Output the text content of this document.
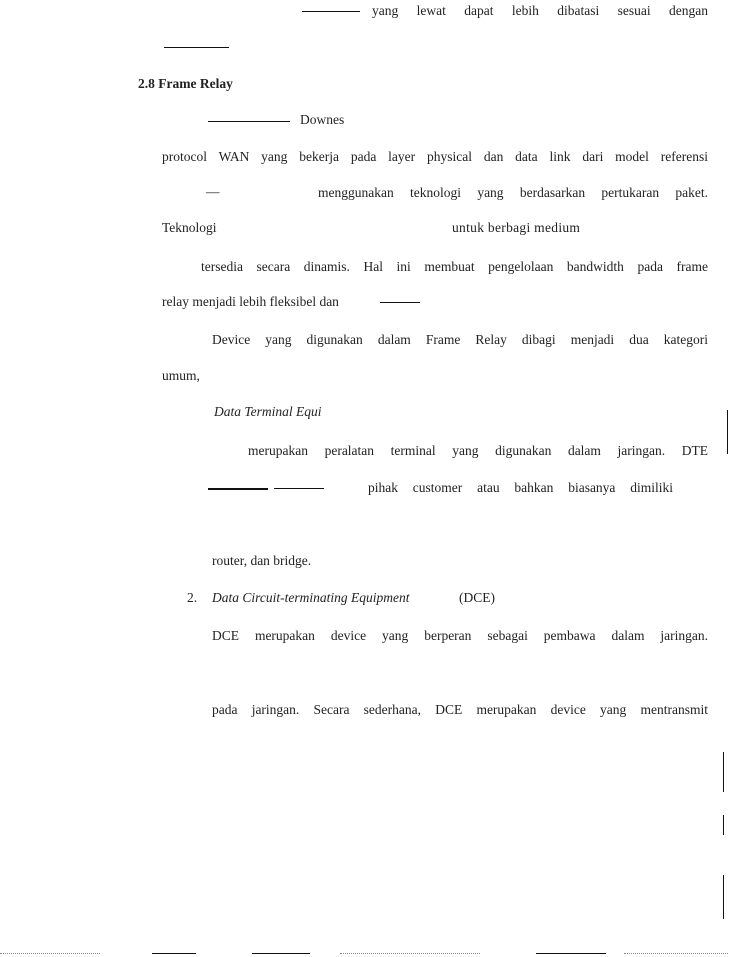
yang lewat dapat lebih dibatasi sesuai dengan
2.8 Frame Relay
Downes
protocol WAN yang bekerja pada layer physical dan data link dari model referensi
—	menggunakan teknologi yang berdasarkan pertukaran paket.
Teknologi	untuk berbagi medium
tersedia secara dinamis. Hal ini membuat pengelolaan bandwidth pada frame
relay menjadi lebih fleksibel dan
Device yang digunakan dalam Frame Relay dibagi menjadi dua kategori
umum,
Data Terminal Equi
merupakan peralatan terminal yang digunakan dalam jaringan. DTE
pihak customer atau bahkan biasanya dimiliki
router, dan bridge.
2. Data Circuit-terminating Equipment	(DCE)
DCE merupakan device yang berperan sebagai pembawa dalam jaringan.
pada jaringan. Secara sederhana, DCE merupakan device yang mentransmit
